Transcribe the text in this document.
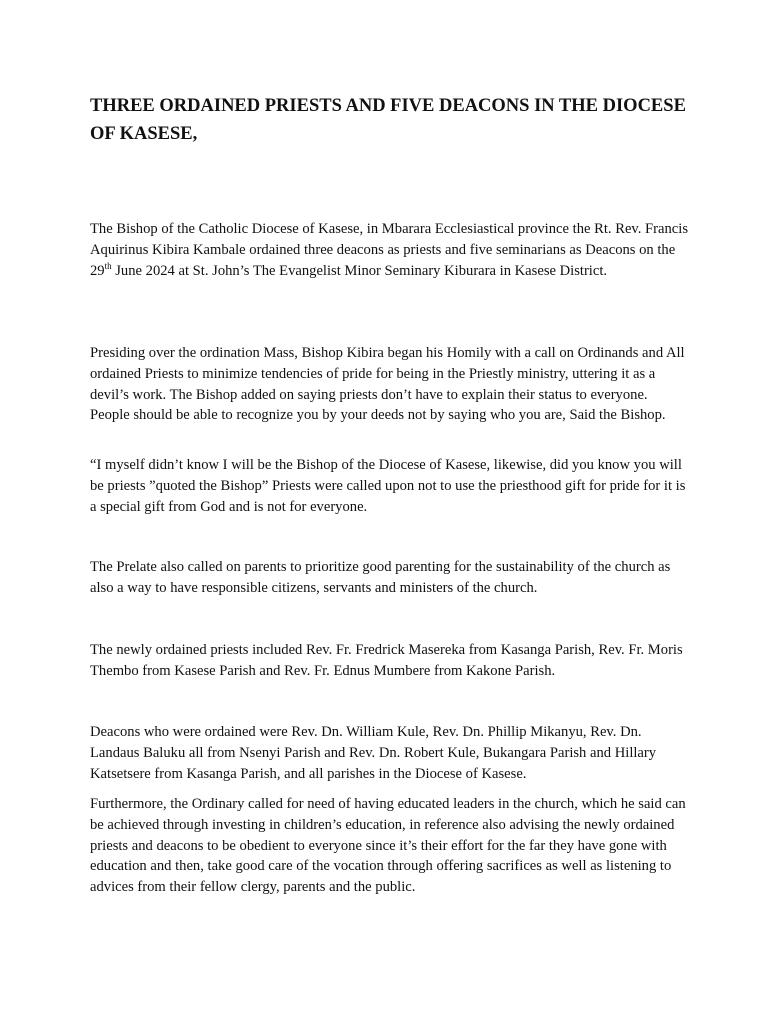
THREE ORDAINED PRIESTS AND FIVE DEACONS IN THE DIOCESE OF KASESE,

The Bishop of the Catholic Diocese of Kasese, in Mbarara Ecclesiastical province the Rt. Rev. Francis Aquirinus Kibira Kambale ordained three deacons as priests and five seminarians as Deacons on the 29th June 2024 at St. John’s The Evangelist Minor Seminary Kiburara in Kasese District.

Presiding over the ordination Mass, Bishop Kibira began his Homily with a call on Ordinands and All ordained Priests to minimize tendencies of pride for being in the Priestly ministry, uttering it as a devil’s work. The Bishop added on saying priests don’t have to explain their status to everyone. People should be able to recognize you by your deeds not by saying who you are, Said the Bishop.

“I myself didn’t know I will be the Bishop of the Diocese of Kasese, likewise, did you know you will be priests ”quoted the Bishop” Priests were called upon not to use the priesthood gift for pride for it is a special gift from God and is not for everyone.

The Prelate also called on parents to prioritize good parenting for the sustainability of the church as also a way to have responsible citizens, servants and ministers of the church.

The newly ordained priests included Rev. Fr. Fredrick Masereka from Kasanga Parish, Rev. Fr. Moris Thembo from Kasese Parish and Rev. Fr. Ednus Mumbere from Kakone Parish.

Deacons who were ordained were Rev. Dn. William Kule, Rev. Dn. Phillip Mikanyu, Rev. Dn. Landaus Baluku all from Nsenyi Parish and Rev. Dn. Robert Kule, Bukangara Parish and Hillary Katsetsere from Kasanga Parish, and all parishes in the Diocese of Kasese.

Furthermore, the Ordinary called for need of having educated leaders in the church, which he said can be achieved through investing in children’s education, in reference also advising the newly ordained priests and deacons to be obedient to everyone since it’s their effort for the far they have gone with education and then, take good care of the vocation through offering sacrifices as well as listening to advices from their fellow clergy, parents and the public.
